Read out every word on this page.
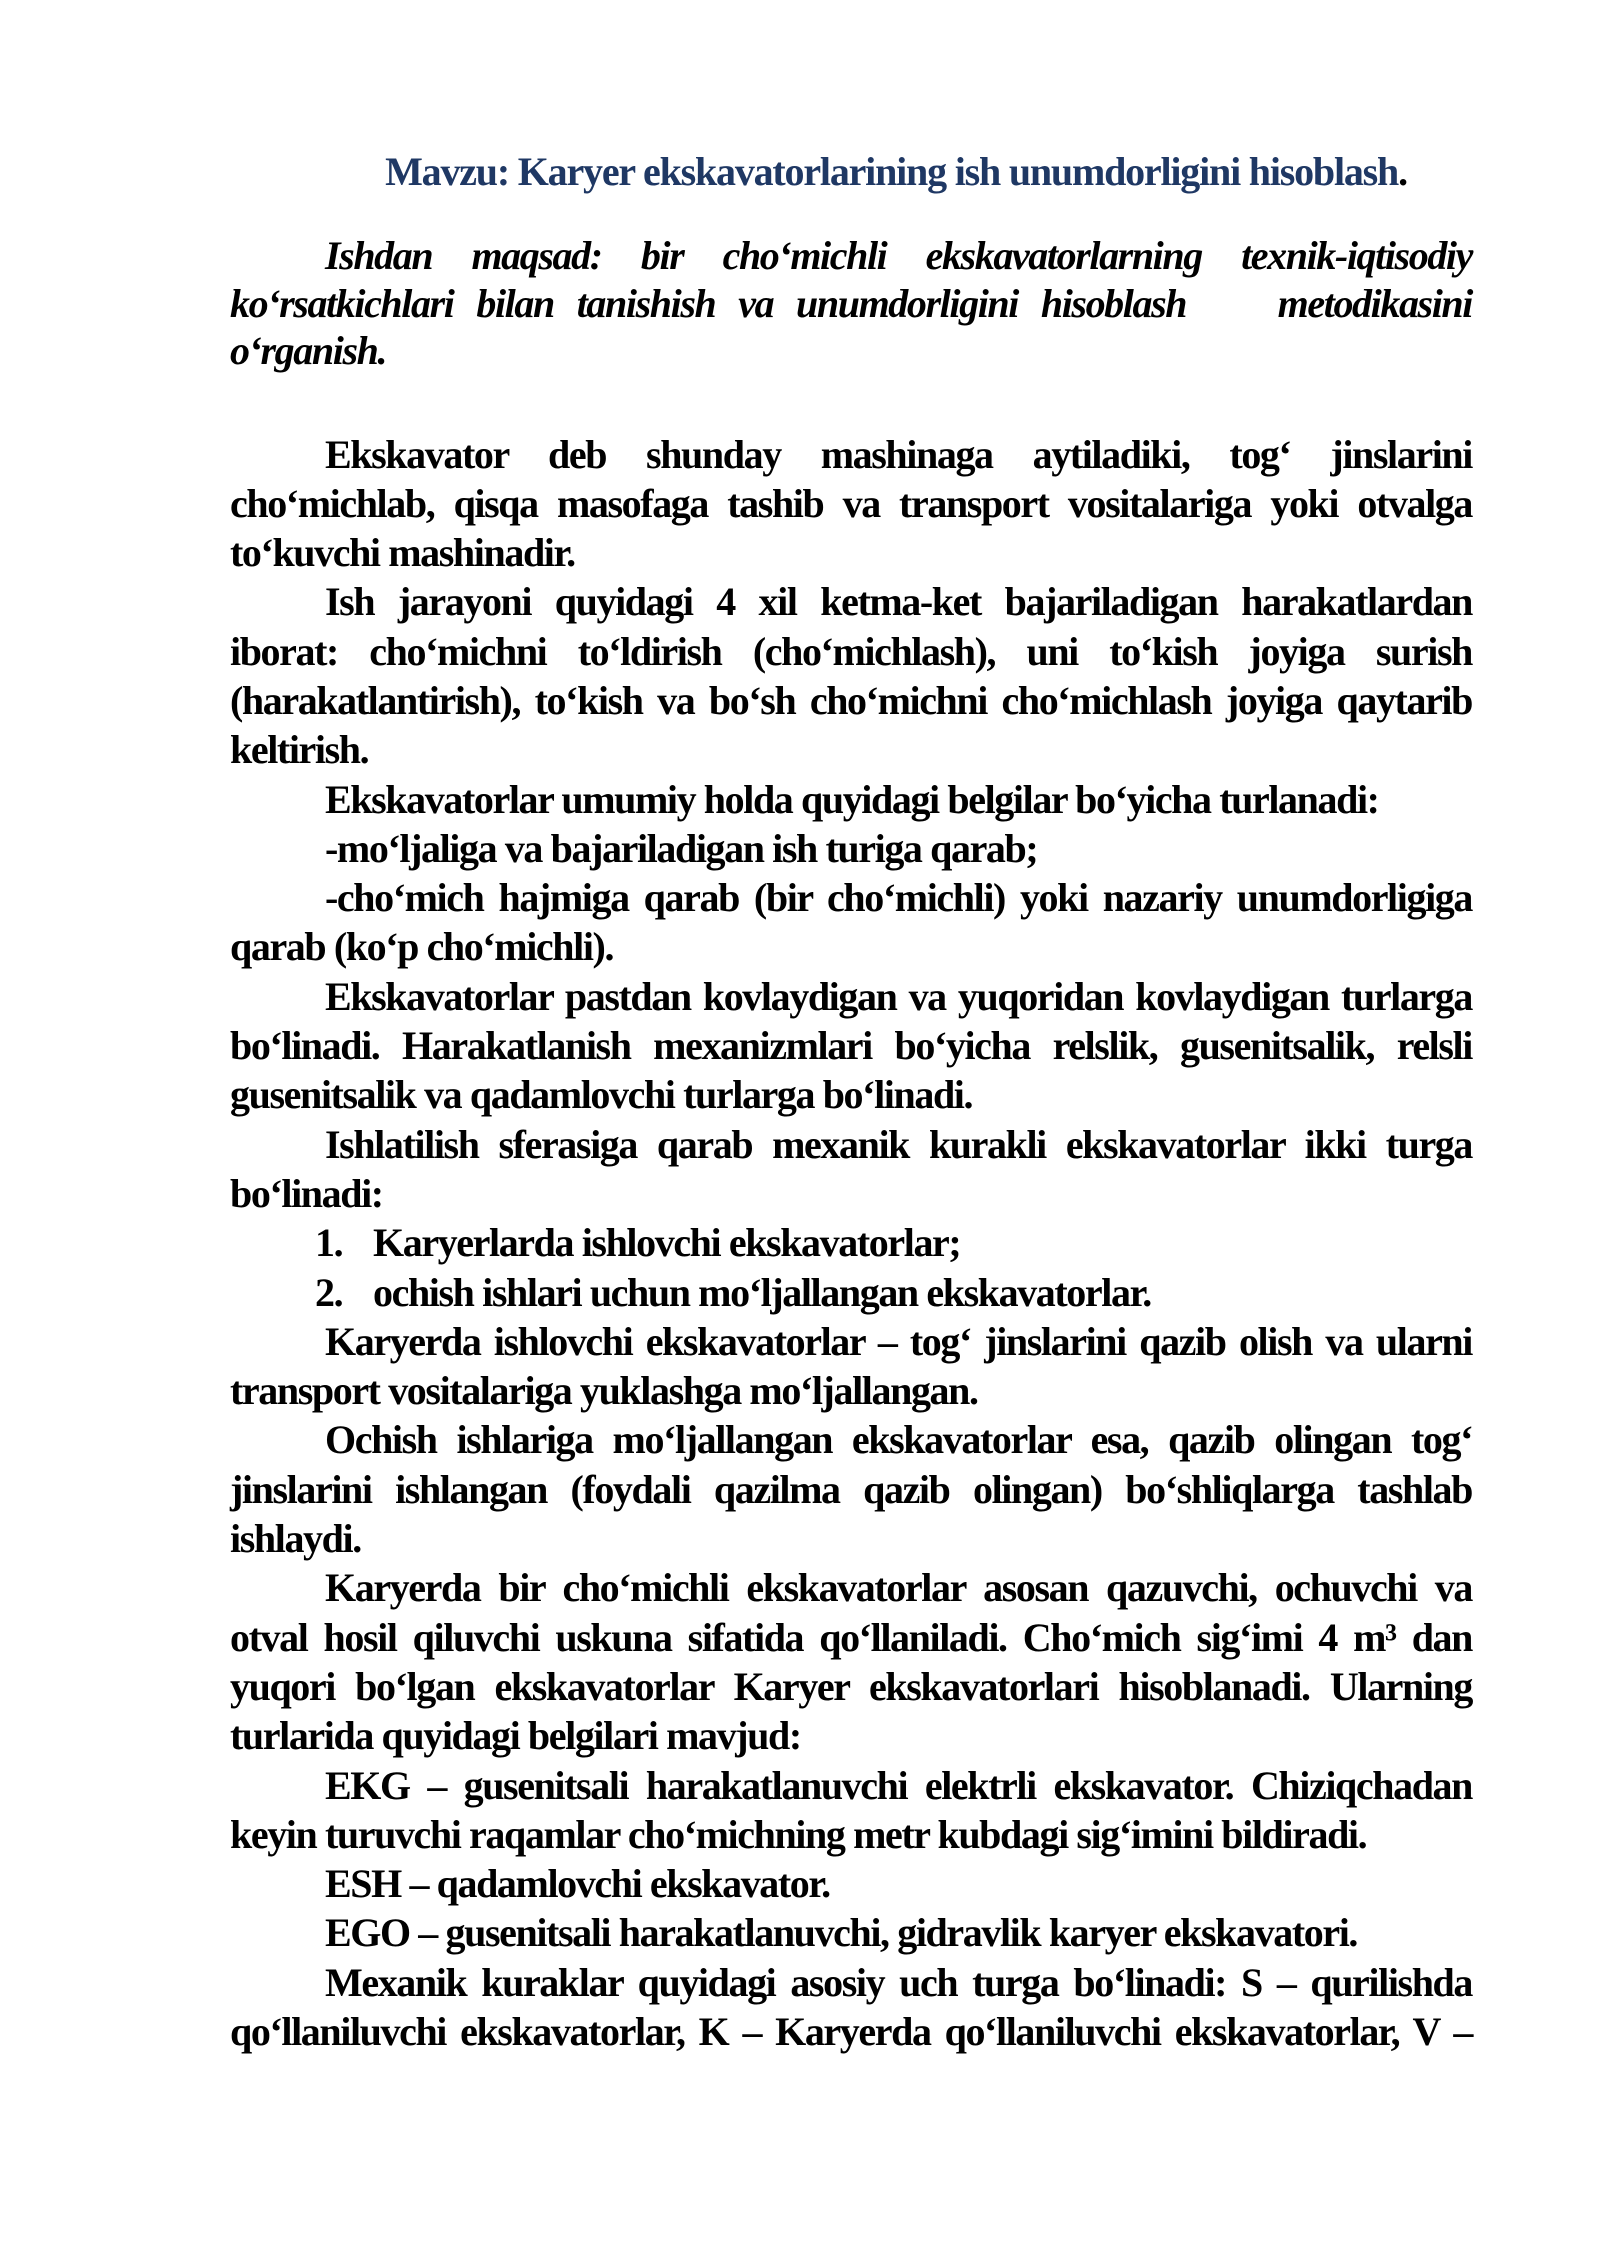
Mavzu: Karyer ekskavatorlarining ish unumdorligini hisoblash.
Ishdan maqsad: bir cho‘michli ekskavatorlarning texnik-iqtisodiy
ko‘rsatkichlari bilan tanishish va unumdorligini hisoblash    metodikasini
o‘rganish.
Ekskavator deb shunday mashinaga aytiladiki, tog‘ jinslarini
cho‘michlab, qisqa masofaga tashib va transport vositalariga yoki otvalga
to‘kuvchi mashinadir.
Ish jarayoni quyidagi 4 xil ketma-ket bajariladigan harakatlardan
iborat: cho‘michni to‘ldirish (cho‘michlash), uni to‘kish joyiga surish
(harakatlantirish), to‘kish va bo‘sh cho‘michni cho‘michlash joyiga qaytarib
keltirish.
Ekskavatorlar umumiy holda quyidagi belgilar bo‘yicha turlanadi:
-mo‘ljaliga va bajariladigan ish turiga qarab;
-cho‘mich hajmiga qarab (bir cho‘michli) yoki nazariy unumdorligiga
qarab (ko‘p cho‘michli).
Ekskavatorlar pastdan kovlaydigan va yuqoridan kovlaydigan turlarga
bo‘linadi. Harakatlanish mexanizmlari bo‘yicha relslik, gusenitsalik, relsli
gusenitsalik va qadamlovchi turlarga bo‘linadi.
Ishlatilish sferasiga qarab mexanik kurakli ekskavatorlar ikki turga
bo‘linadi:
1. Karyerlarda ishlovchi ekskavatorlar;
2. ochish ishlari uchun mo‘ljallangan ekskavatorlar.
Karyerda ishlovchi ekskavatorlar – tog‘ jinslarini qazib olish va ularni
transport vositalariga yuklashga mo‘ljallangan.
Ochish ishlariga mo‘ljallangan ekskavatorlar esa, qazib olingan tog‘
jinslarini ishlangan (foydali qazilma qazib olingan) bo‘shliqlarga tashlab
ishlaydi.
Karyerda bir cho‘michli ekskavatorlar asosan qazuvchi, ochuvchi va
otval hosil qiluvchi uskuna sifatida qo‘llaniladi. Cho‘mich sig‘imi 4 m³ dan
yuqori bo‘lgan ekskavatorlar Karyer ekskavatorlari hisoblanadi. Ularning
turlarida quyidagi belgilari mavjud:
EKG – gusenitsali harakatlanuvchi elektrli ekskavator. Chiziqchadan
keyin turuvchi raqamlar cho‘michning metr kubdagi sig‘imini bildiradi.
ESH – qadamlovchi ekskavator.
EGO – gusenitsali harakatlanuvchi, gidravlik karyer ekskavatori.
Mexanik kuraklar quyidagi asosiy uch turga bo‘linadi: S – qurilishda
qo‘llaniluvchi ekskavatorlar, K – Karyerda qo‘llaniluvchi ekskavatorlar, V –
